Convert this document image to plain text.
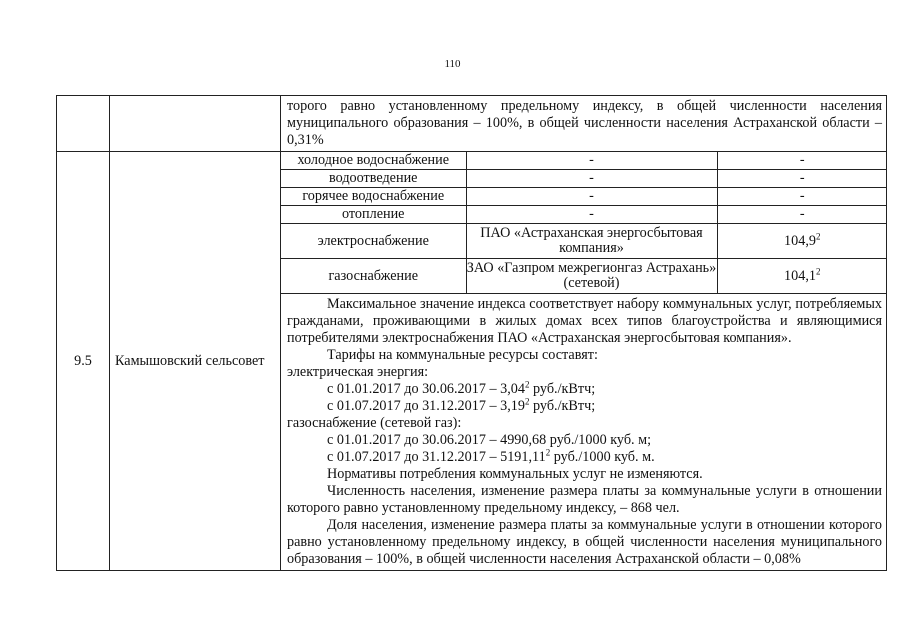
110

торого равно установленному предельному индексу, в общей численности населения муниципального образования – 100%, в общей численности населения Астраханской области – 0,31%

9.5	Камышовский сельсовет	
холодное водоснабжение	-	-
водоотведение	-	-
горячее водоснабжение	-	-
отопление	-	-
электроснабжение	ПАО «Астраханская энергосбытовая компания»	104,9$^2$
газоснабжение	ЗАО «Газпром межрегионгаз Астрахань» (сетевой)	104,1$^2$

Максимальное значение индекса соответствует набору коммунальных услуг, потребляемых гражданами, проживающими в жилых домах всех типов благоустройства и являющимися потребителями электроснабжения ПАО «Астраханская энергосбытовая компания».

Тарифы на коммунальные ресурсы составят:

электрическая энергия:

с 01.01.2017 до 30.06.2017 – 3,04$^2$ руб./кВтч;

с 01.07.2017 до 31.12.2017 – 3,19$^2$ руб./кВтч;

газоснабжение (сетевой газ):

с 01.01.2017 до 30.06.2017 – 4990,68 руб./1000 куб. м;

с 01.07.2017 до 31.12.2017 – 5191,11$^2$ руб./1000 куб. м.

Нормативы потребления коммунальных услуг не изменяются.

Численность населения, изменение размера платы за коммунальные услуги в отношении которого равно установленному предельному индексу, – 868 чел.

Доля населения, изменение размера платы за коммунальные услуги в отношении которого равно установленному предельному индексу, в общей численности населения муниципального образования – 100%, в общей численности населения Астраханской области – 0,08%
